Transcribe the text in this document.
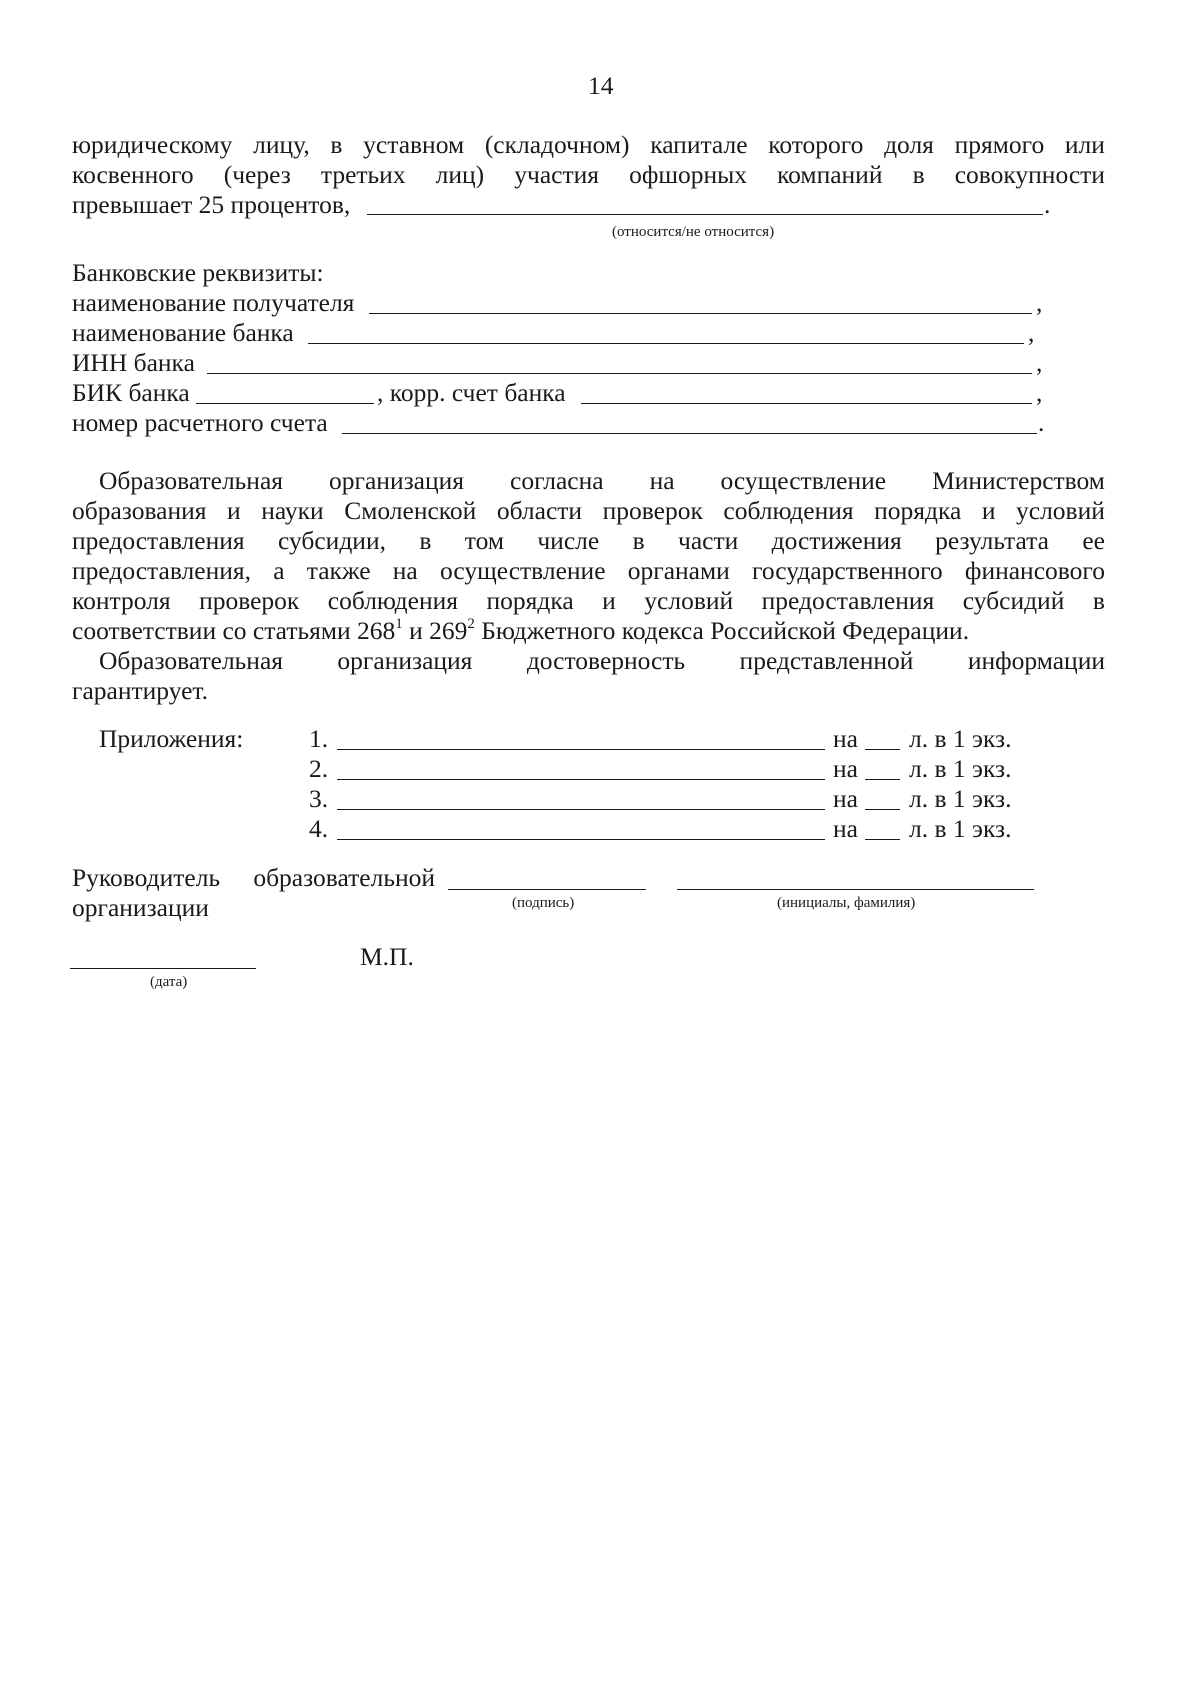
14
юридическому лицу, в уставном (складочном) капитале которого доля прямого или
косвенного (через третьих лиц) участия офшорных компаний в совокупности
превышает 25 процентов,	.
(относится/не относится)
Банковские реквизиты:
наименование получателя	,
наименование банка	,
ИНН банка	,
БИК банка	, корр. счет банка	,
номер расчетного счета	.
Образовательная организация согласна на осуществление Министерством
образования и науки Смоленской области проверок соблюдения порядка и условий
предоставления субсидии, в том числе в части достижения результата ее
предоставления, а также на осуществление органами государственного финансового
контроля проверок соблюдения порядка и условий предоставления субсидий в
соответствии со статьями $268^1$ и $269^2$ Бюджетного кодекса Российской Федерации.
Образовательная организация достоверность представленной информации
гарантирует.
Приложения:	1.	на л. в 1 экз.
2.	на л. в 1 экз.
3.	на л. в 1 экз.
4.	на л. в 1 экз.
Руководитель образовательной
организации	(подпись)	(инициалы, фамилия)
(дата)
М.П.
